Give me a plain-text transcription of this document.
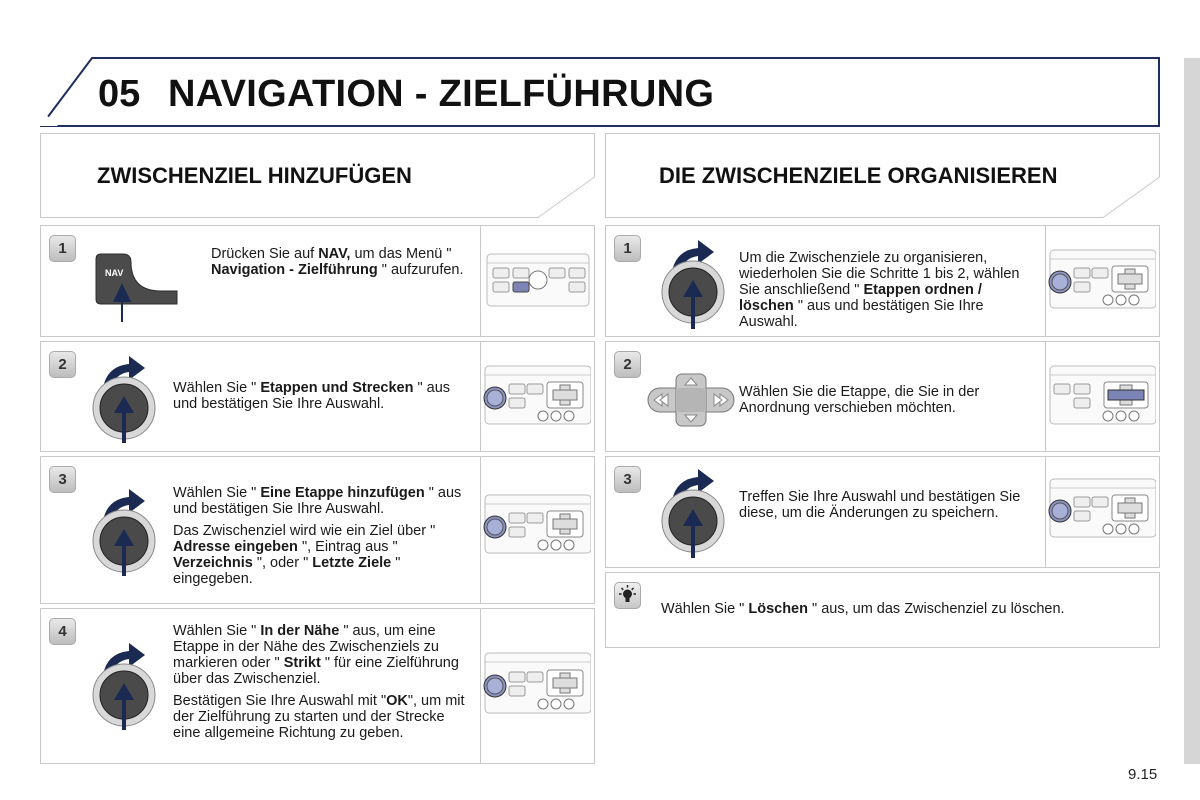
05 NAVIGATION - ZIELFÜHRUNG
ZWISCHENZIEL HINZUFÜGEN	DIE ZWISCHENZIELE ORGANISIEREN
1
NAV
Drücken Sie auf NAV, um das Menü " Navigation - Zielführung " aufzurufen.
2
Wählen Sie " Etappen und Strecken " aus und bestätigen Sie Ihre Auswahl.
3

Wählen Sie " Eine Etappe hinzufügen " aus und bestätigen Sie Ihre Auswahl.

Das Zwischenziel wird wie ein Ziel über " Adresse eingeben ", Eintrag aus " Verzeichnis ", oder " Letzte Ziele " eingegeben.

4	Wählen Sie " In der Nähe " aus, um eine Etappe in der Nähe des Zwischenziels zu markieren oder " Strikt " für eine Zielführung über das Zwischenziel.

Bestätigen Sie Ihre Auswahl mit "OK", um mit der Zielführung zu starten und der Strecke eine allgemeine Richtung zu geben.

1
Um die Zwischenziele zu organisieren, wiederholen Sie die Schritte 1 bis 2, wählen Sie anschließend " Etappen ordnen / löschen " aus und bestätigen Sie Ihre Auswahl.
2
Wählen Sie die Etappe, die Sie in der Anordnung verschieben möchten.
3
Treffen Sie Ihre Auswahl und bestätigen Sie diese, um die Änderungen zu speichern.
Wählen Sie " Löschen " aus, um das Zwischenziel zu löschen.
9.15
